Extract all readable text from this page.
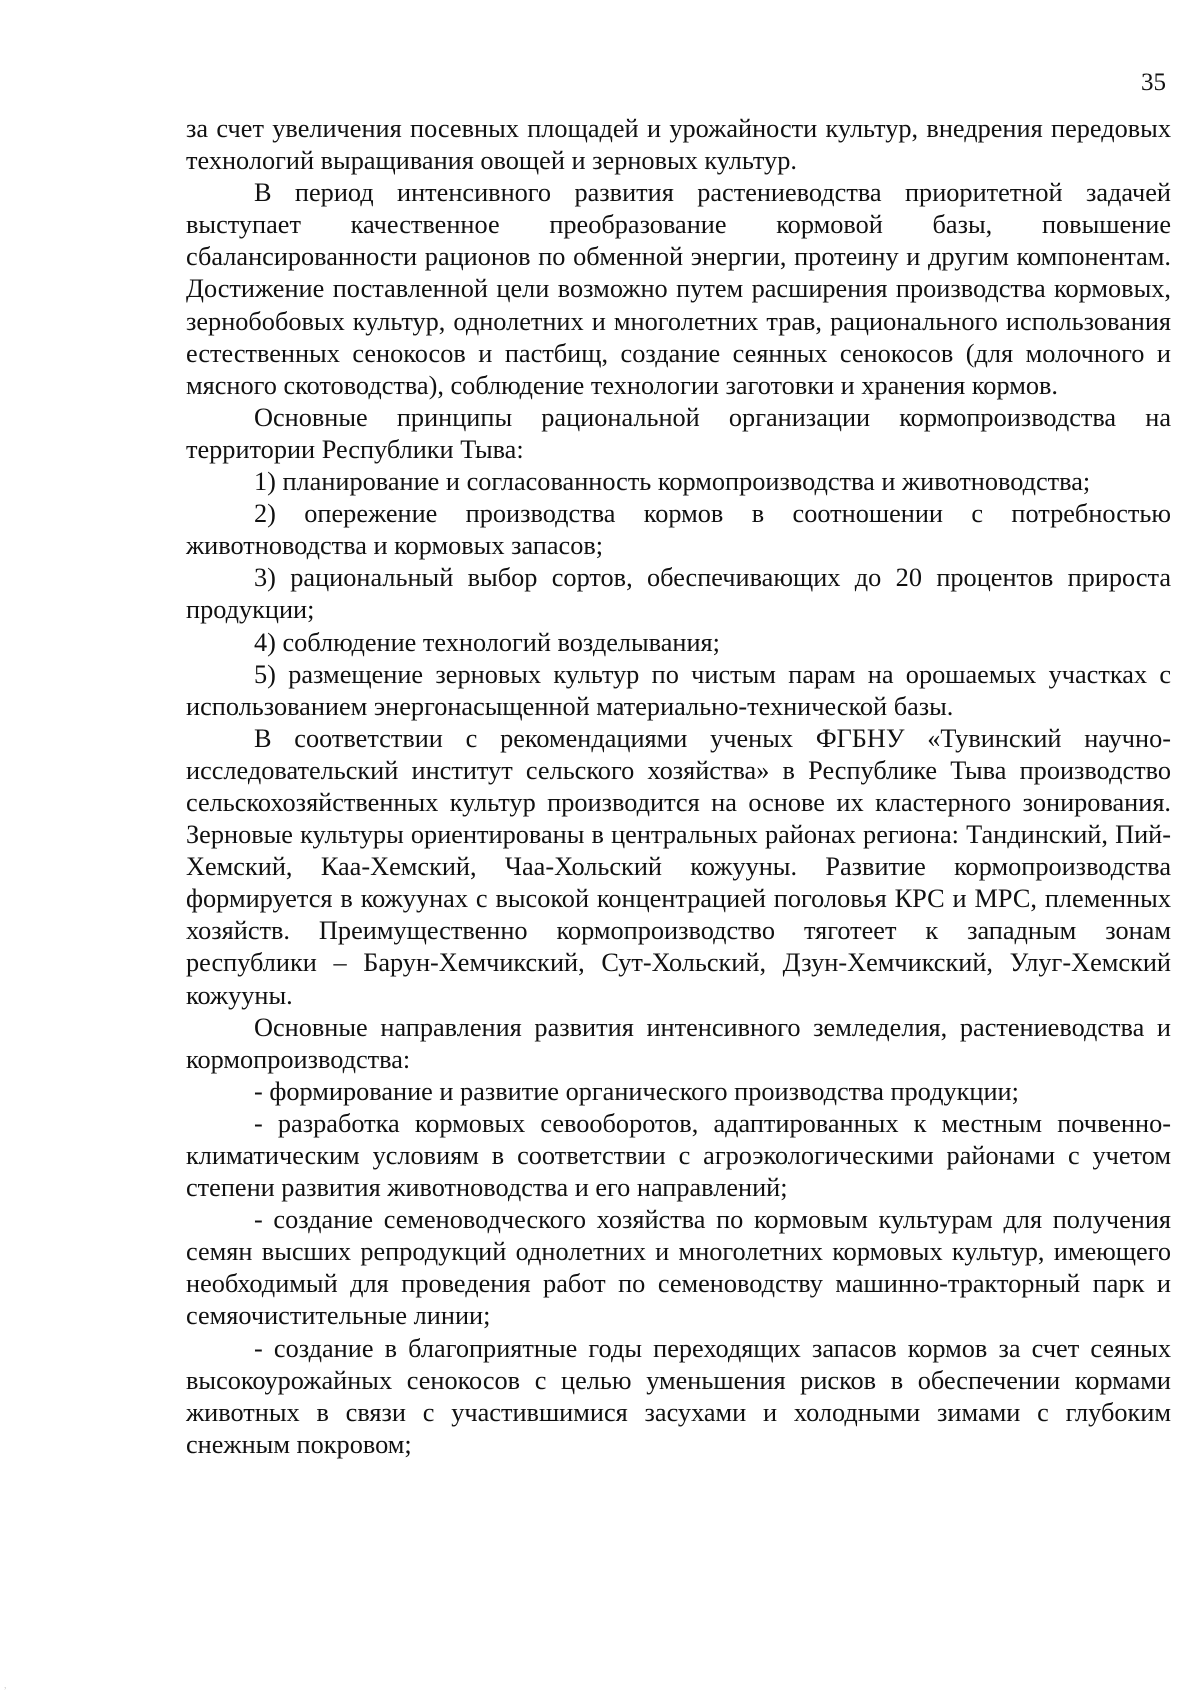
35

за счет увеличения посевных площадей и урожайности культур, внедрения передовых технологий выращивания овощей и зерновых культур.

В период интенсивного развития растениеводства приоритетной задачей выступает качественное преобразование кормовой базы, повышение сбалансированности рационов по обменной энергии, протеину и другим компонентам. Достижение поставленной цели возможно путем расширения производства кормовых, зернобобовых культур, однолетних и многолетних трав, рационального использования естественных сенокосов и пастбищ, создание сеянных сенокосов (для молочного и мясного скотоводства), соблюдение технологии заготовки и хранения кормов.

Основные принципы рациональной организации кормопроизводства на территории Республики Тыва:

1) планирование и согласованность кормопроизводства и животноводства;

2) опережение производства кормов в соотношении с потребностью животноводства и кормовых запасов;

3) рациональный выбор сортов, обеспечивающих до 20 процентов прироста продукции;

4) соблюдение технологий возделывания;

5) размещение зерновых культур по чистым парам на орошаемых участках с использованием энергонасыщенной материально-технической базы.

В соответствии с рекомендациями ученых ФГБНУ «Тувинский научно-исследовательский институт сельского хозяйства» в Республике Тыва производство сельскохозяйственных культур производится на основе их кластерного зонирования. Зерновые культуры ориентированы в центральных районах региона: Тандинский, Пий-Хемский, Каа-Хемский, Чаа-Хольский кожууны. Развитие кормопроизводства формируется в кожуунах с высокой концентрацией поголовья КРС и МРС, племенных хозяйств. Преимущественно кормопроизводство тяготеет к западным зонам республики – Барун-Хемчикский, Сут-Хольский, Дзун-Хемчикский, Улуг-Хемский кожууны.

Основные направления развития интенсивного земледелия, растениеводства и кормопроизводства:

- формирование и развитие органического производства продукции;

- разработка кормовых севооборотов, адаптированных к местным почвенно-климатическим условиям в соответствии с агроэкологическими районами с учетом степени развития животноводства и его направлений;

- создание семеноводческого хозяйства по кормовым культурам для получения семян высших репродукций однолетних и многолетних кормовых культур, имеющего необходимый для проведения работ по семеноводству машинно-тракторный парк и семяочистительные линии;

- создание в благоприятные годы переходящих запасов кормов за счет сеяных высокоурожайных сенокосов с целью уменьшения рисков в обеспечении кормами животных в связи с участившимися засухами и холодными зимами с глубоким снежным покровом;

,
